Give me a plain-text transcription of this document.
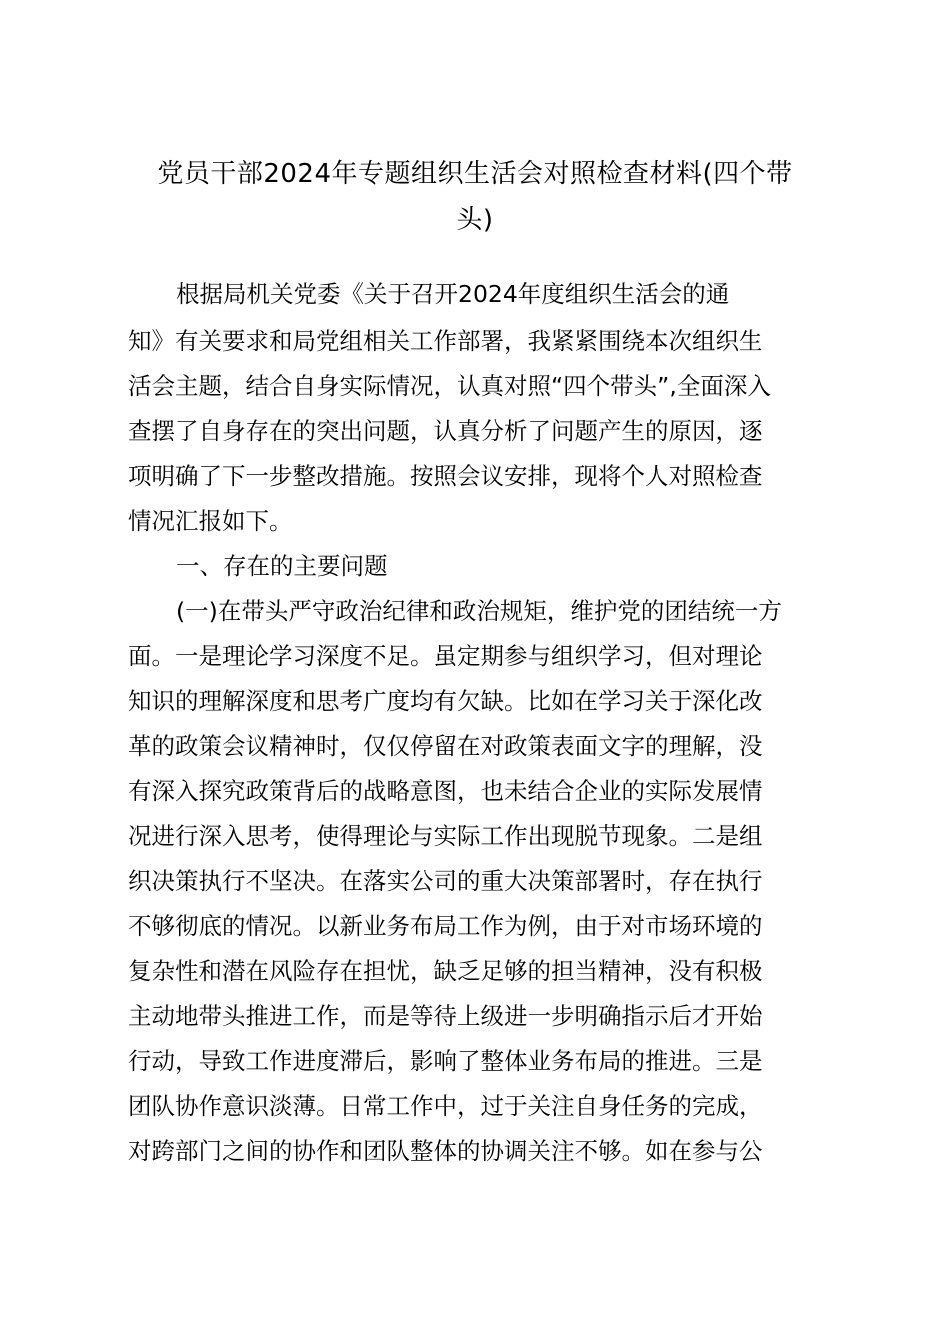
党员干部2024年专题组织生活会对照检查材料(四个带
头)
根据局机关党委《关于召开2024年度组织生活会的通
知》有关要求和局党组相关工作部署，我紧紧围绕本次组织生
活会主题，结合自身实际情况，认真对照“四个带头”,全面深入
查摆了自身存在的突出问题，认真分析了问题产生的原因，逐
项明确了下一步整改措施。按照会议安排，现将个人对照检查
情况汇报如下。
一、存在的主要问题
(一)在带头严守政治纪律和政治规矩，维护党的团结统一方
面。一是理论学习深度不足。虽定期参与组织学习，但对理论
知识的理解深度和思考广度均有欠缺。比如在学习关于深化改
革的政策会议精神时，仅仅停留在对政策表面文字的理解，没
有深入探究政策背后的战略意图，也未结合企业的实际发展情
况进行深入思考，使得理论与实际工作出现脱节现象。二是组
织决策执行不坚决。在落实公司的重大决策部署时，存在执行
不够彻底的情况。以新业务布局工作为例，由于对市场环境的
复杂性和潜在风险存在担忧，缺乏足够的担当精神，没有积极
主动地带头推进工作，而是等待上级进一步明确指示后才开始
行动，导致工作进度滞后，影响了整体业务布局的推进。三是
团队协作意识淡薄。日常工作中，过于关注自身任务的完成，
对跨部门之间的协作和团队整体的协调关注不够。如在参与公
